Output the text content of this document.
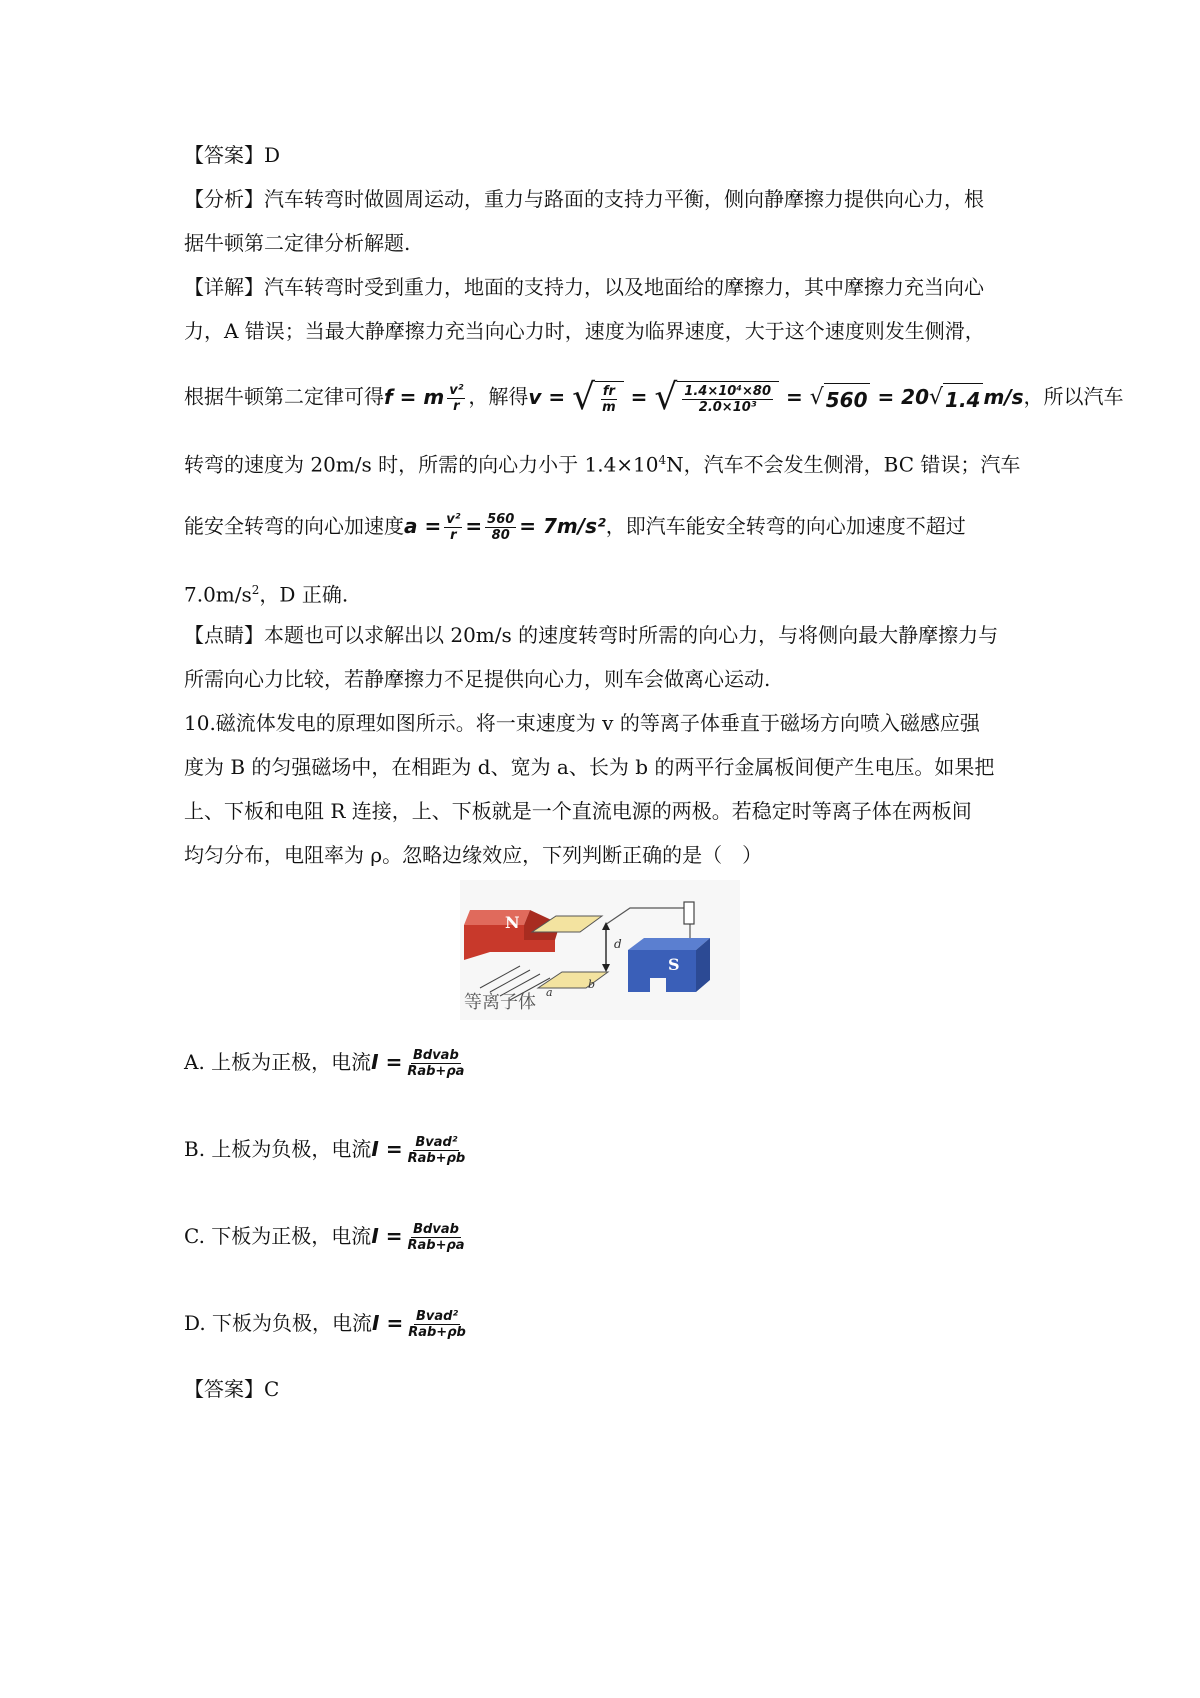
【答案】D
【分析】汽车转弯时做圆周运动，重力与路面的支持力平衡，侧向静摩擦力提供向心力，根
据牛顿第二定律分析解题.
【详解】汽车转弯时受到重力，地面的支持力，以及地面给的摩擦力，其中摩擦力充当向心
力，A 错误；当最大静摩擦力充当向心力时，速度为临界速度，大于这个速度则发生侧滑，
根据牛顿第二定律可得f = m $\frac{\text{v²}}{r}$ ，解得v = √ $\frac{fr}{m}$ = √ $\frac{\text{1.4×10⁴×80}}{\text{2.0×10³}}$ = √ 560 = 20 √ 1.4 m/s，所以汽车
转弯的速度为 20m/s 时，所需的向心力小于 $1.4\times 10^4N$，汽车不会发生侧滑，BC 错误；汽车
能安全转弯的向心加速度$a = \frac{\text{v²}}{r} = \frac{560}{80} = 7m/s^2$，即汽车能安全转弯的向心加速度不超过
$7.0m/s^2$，D 正确.
【点睛】本题也可以求解出以 20m/s 的速度转弯时所需的向心力，与将侧向最大静摩擦力与
所需向心力比较，若静摩擦力不足提供向心力，则车会做离心运动.
10.磁流体发电的原理如图所示。将一束速度为 v 的等离子体垂直于磁场方向喷入磁感应强
度为 B 的匀强磁场中，在相距为 d、宽为 a、长为 b 的两平行金属板间便产生电压。如果把
上、下板和电阻 R 连接，上、下板就是一个直流电源的两极。若稳定时等离子体在两板间
均匀分布，电阻率为 ρ。忽略边缘效应，下列判断正确的是（　）
N
d
S
b
a
等离子体
A. 上板为正极，电流$I = \frac{\text{Bdvab}}{\text{Rab+ρa}}$
B. 上板为负极，电流$I = \frac{\text{Bvad²}}{\text{Rab+ρb}}$
C. 下板为正极，电流$I = \frac{\text{Bdvab}}{\text{Rab+ρa}}$
D. 下板为负极，电流$I = \frac{\text{Bvad²}}{\text{Rab+ρb}}$
【答案】C
